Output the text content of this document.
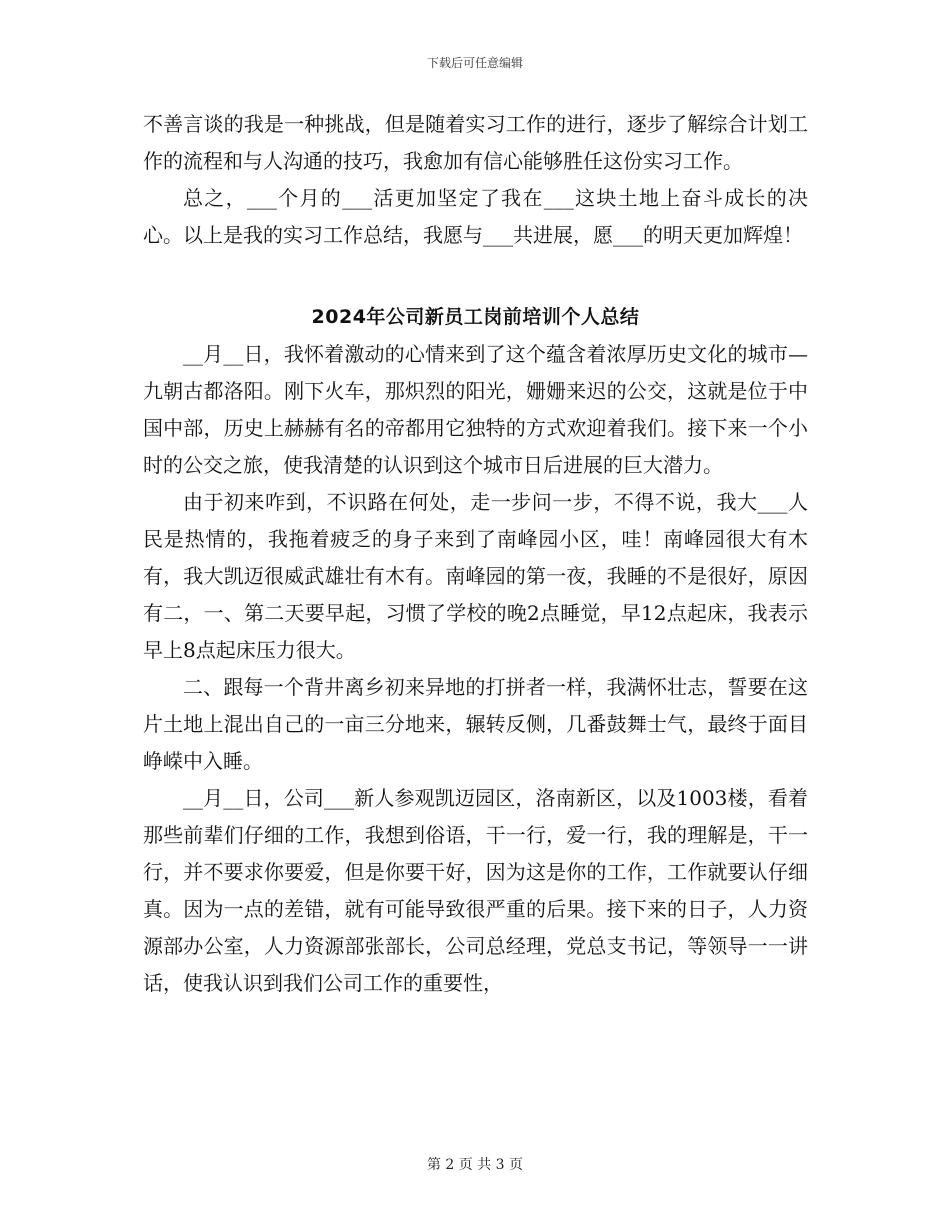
下载后可任意编辑

不善言谈的我是一种挑战，但是随着实习工作的进行，逐步了解综合计划工作的流程和与人沟通的技巧，我愈加有信心能够胜任这份实习工作。

总之，___个月的___活更加坚定了我在___这块土地上奋斗成长的决心。以上是我的实习工作总结，我愿与___共进展，愿___的明天更加辉煌！

2024年公司新员工岗前培训个人总结

__月__日，我怀着激动的心情来到了这个蕴含着浓厚历史文化的城市—九朝古都洛阳。刚下火车，那炽烈的阳光，姗姗来迟的公交，这就是位于中国中部，历史上赫赫有名的帝都用它独特的方式欢迎着我们。接下来一个小时的公交之旅，使我清楚的认识到这个城市日后进展的巨大潜力。

由于初来咋到，不识路在何处，走一步问一步，不得不说，我大___人民是热情的，我拖着疲乏的身子来到了南峰园小区，哇！南峰园很大有木有，我大凯迈很威武雄壮有木有。南峰园的第一夜，我睡的不是很好，原因有二，一、第二天要早起，习惯了学校的晚2点睡觉，早12点起床，我表示早上8点起床压力很大。

二、跟每一个背井离乡初来异地的打拼者一样，我满怀壮志，誓要在这片土地上混出自己的一亩三分地来，辗转反侧，几番鼓舞士气，最终于面目峥嵘中入睡。

__月__日，公司___新人参观凯迈园区，洛南新区，以及1003楼，看着那些前辈们仔细的工作，我想到俗语，干一行，爱一行，我的理解是，干一行，并不要求你要爱，但是你要干好，因为这是你的工作，工作就要认仔细真。因为一点的差错，就有可能导致很严重的后果。接下来的日子，人力资源部办公室，人力资源部张部长，公司总经理，党总支书记，等领导一一讲话，使我认识到我们公司工作的重要性，

第 2 页 共 3 页
